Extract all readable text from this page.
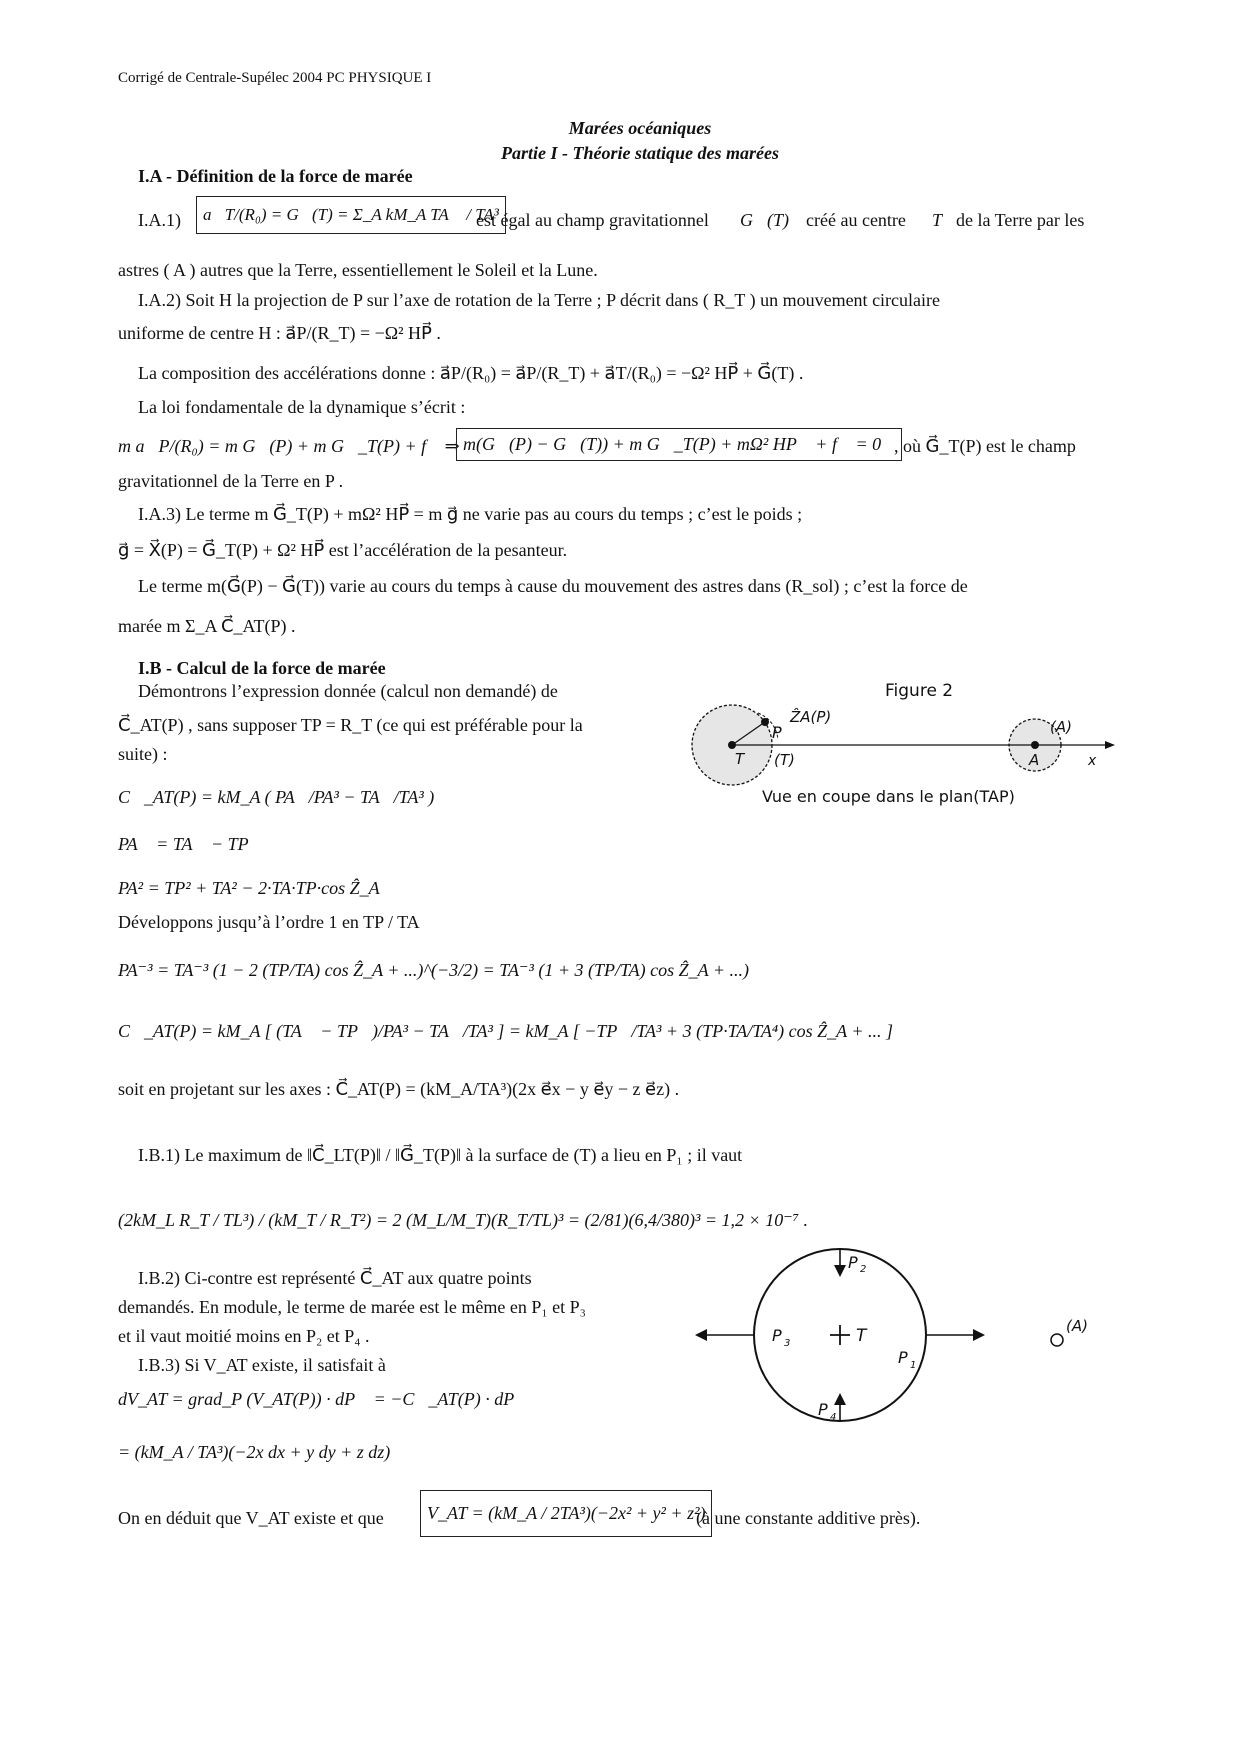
Corrigé de Centrale-Supélec 2004 PC PHYSIQUE I
Marées océaniques
Partie I - Théorie statique des marées
I.A - Définition de la force de marée
I.A.1)	a⃗T/(R₀) = G⃗(T) = Σ_A kM_A TA⃗ / TA³
est égal au champ gravitationnel G⃗(T) créé au centre T de la Terre par les
astres ( A ) autres que la Terre, essentiellement le Soleil et la Lune.
I.A.2) Soit H la projection de P sur l’axe de rotation de la Terre ; P décrit dans ( R_T ) un mouvement circulaire
uniforme de centre H : a⃗P/(R_T) = −Ω² HP⃗ .
La composition des accélérations donne : a⃗P/(R₀) = a⃗P/(R_T) + a⃗T/(R₀) = −Ω² HP⃗ + G⃗(T) .
La loi fondamentale de la dynamique s’écrit :
m a⃗P/(R₀) = m G⃗(P) + m G⃗_T(P) + f⃗ ⇒ m(G⃗(P) − G⃗(T)) + m G⃗_T(P) + mΩ² HP⃗ + f⃗ = 0⃗
, où G⃗_T(P) est le champ
gravitationnel de la Terre en P .
I.A.3) Le terme m G⃗_T(P) + mΩ² HP⃗ = m g⃗ ne varie pas au cours du temps ; c’est le poids ;
g⃗ = X⃗(P) = G⃗_T(P) + Ω² HP⃗ est l’accélération de la pesanteur.
Le terme m(G⃗(P) − G⃗(T)) varie au cours du temps à cause du mouvement des astres dans (R_sol) ; c’est la force de
marée m Σ_A C⃗_AT(P) .
I.B - Calcul de la force de marée
Démontrons l’expression donnée (calcul non demandé) de
C⃗_AT(P) , sans supposer TP = R_T (ce qui est préférable pour la
suite) :
C⃗_AT(P) = kM_A ( PA⃗/PA³ − TA⃗/TA³ )
PA⃗ = TA⃗ − TP⃗
PA² = TP² + TA² − 2·TA·TP·cos Ẑ_A
Développons jusqu’à l’ordre 1 en TP / TA
PA⁻³ = TA⁻³ (1 − 2 (TP/TA) cos Ẑ_A + ...)^(−3/2) = TA⁻³ (1 + 3 (TP/TA) cos Ẑ_A + ...)
C⃗_AT(P) = kM_A [ (TA⃗ − TP⃗)/PA³ − TA⃗/TA³ ] = kM_A [ −TP⃗/TA³ + 3 (TP·TA/TA⁴) cos Ẑ_A + ... ]
soit en projetant sur les axes : C⃗_AT(P) = (kM_A/TA³)(2x e⃗x − y e⃗y − z e⃗z) .
I.B.1) Le maximum de ‖C⃗_LT(P)‖ / ‖G⃗_T(P)‖ à la surface de (T) a lieu en P₁ ; il vaut
(2kM_L R_T / TL³) / (kM_T / R_T²) = 2 (M_L/M_T)(R_T/TL)³ = (2/81)(6,4/380)³ = 1,2 × 10⁻⁷ .
I.B.2) Ci-contre est représenté C⃗_AT aux quatre points
demandés. En module, le terme de marée est le même en P₁ et P₃
et il vaut moitié moins en P₂ et P₄ .
I.B.3) Si V_AT existe, il satisfait à
dV_AT = grad_P (V_AT(P)) · dP⃗ = −C⃗_AT(P) · dP⃗
= (kM_A / TA³)(−2x dx + y dy + z dz)
On en déduit que V_AT existe et que	V_AT = (kM_A / 2TA³)(−2x² + y² + z²)
(à une constante additive près).
Figure 2
P
ẐA(P)
(A)
T (T)	A	x
Vue en coupe dans le plan(TAP)
(A)
T
P 2
P 3
P 1
P 4
